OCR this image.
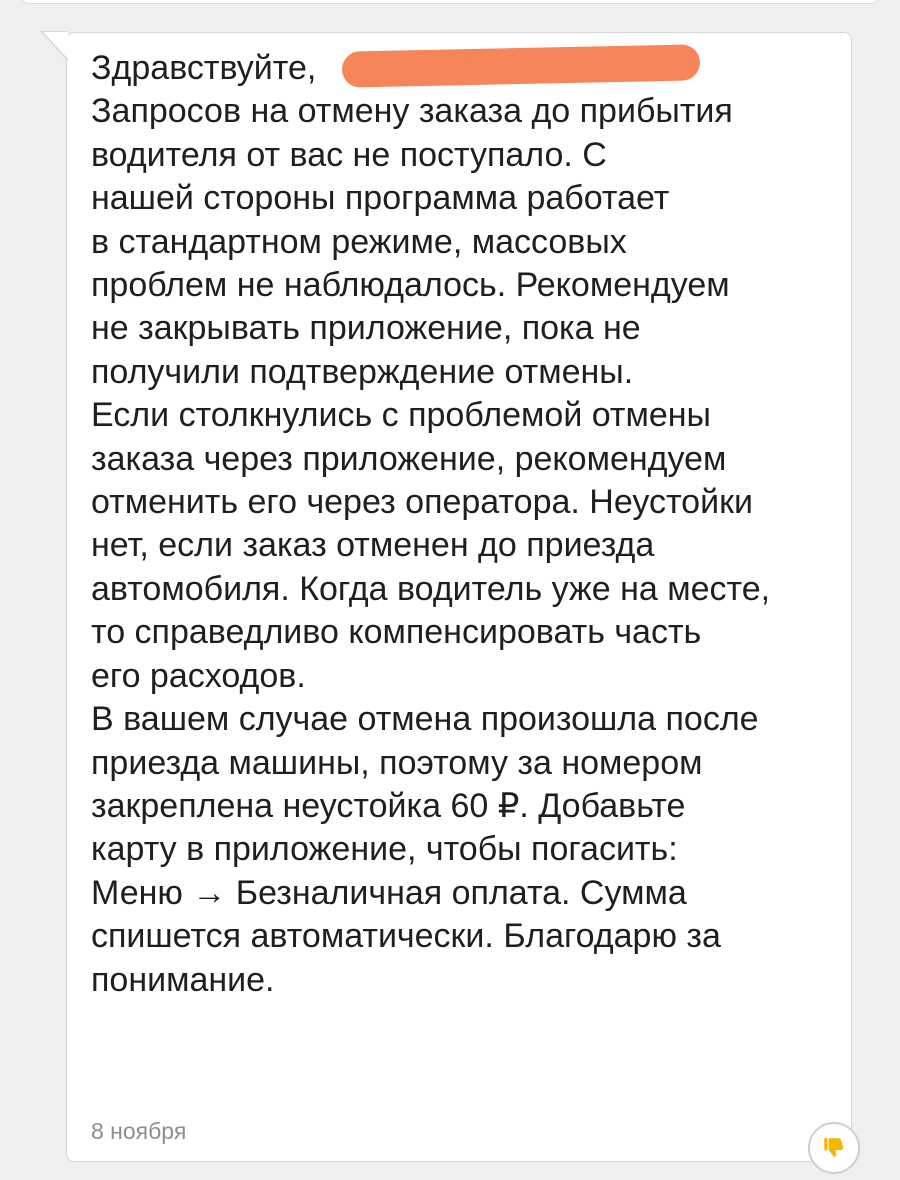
Здравствуйте,
Запросов на отмену заказа до прибытия
водителя от вас не поступало. С
нашей стороны программа работает
в стандартном режиме, массовых
проблем не наблюдалось. Рекомендуем
не закрывать приложение, пока не
получили подтверждение отмены.
Если столкнулись с проблемой отмены
заказа через приложение, рекомендуем
отменить его через оператора. Неустойки
нет, если заказ отменен до приезда
автомобиля. Когда водитель уже на месте,
то справедливо компенсировать часть
его расходов.
В вашем случае отмена произошла после
приезда машины, поэтому за номером
закреплена неустойка 60 ₽. Добавьте
карту в приложение, чтобы погасить:
Меню → Безналичная оплата. Сумма
спишется автоматически. Благодарю за
понимание.

8 ноября
